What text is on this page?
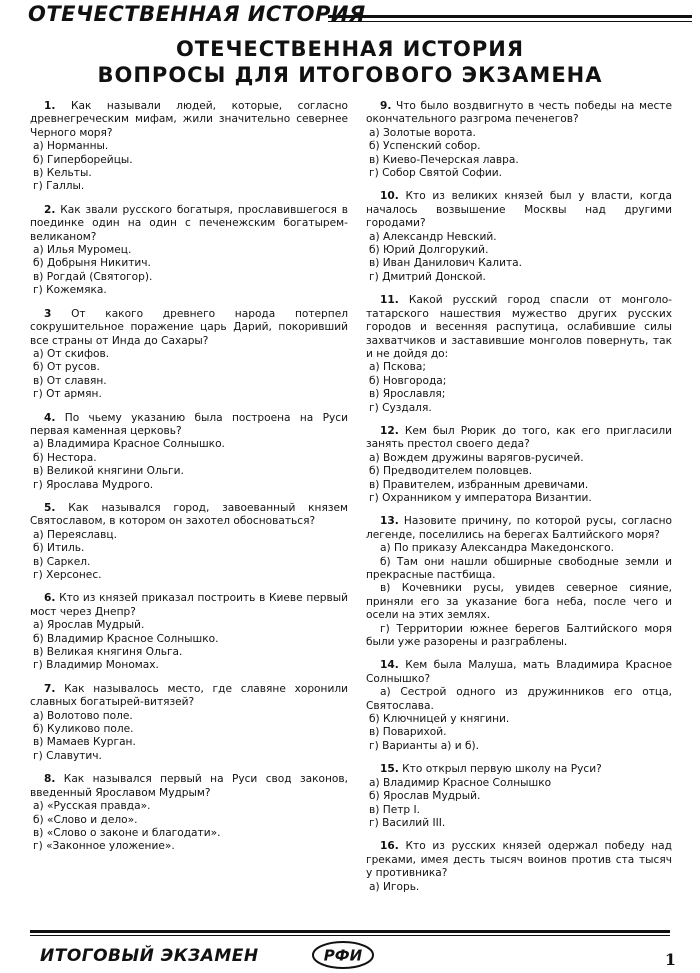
ОТЕЧЕСТВЕННАЯ ИСТОРИЯ
ОТЕЧЕСТВЕННАЯ ИСТОРИЯ
ВОПРОСЫ ДЛЯ ИТОГОВОГО ЭКЗАМЕНА
1. Как называли людей, которые, согласно древнегреческим мифам, жили значительно севернее Черного моря?
а) Норманны.
б) Гиперборейцы.
в) Кельты.
г) Галлы.
2. Как звали русского богатыря, прославившегося в поединке один на один с печенежским богатырем-великаном?
а) Илья Муромец.
б) Добрыня Никитич.
в) Рогдай (Святогор).
г) Кожемяка.
3 От какого древнего народа потерпел сокрушительное поражение царь Дарий, покоривший все страны от Инда до Сахары?
а) От скифов.
б) От русов.
в) От славян.
г) От армян.
4. По чьему указанию была построена на Руси первая каменная церковь?
а) Владимира Красное Солнышко.
б) Нестора.
в) Великой княгини Ольги.
г) Ярослава Мудрого.
5. Как назывался город, завоеванный князем Святославом, в котором он захотел обосноваться?
а) Переяславц.
б) Итиль.
в) Саркел.
г) Херсонес.
6. Кто из князей приказал построить в Киеве первый мост через Днепр?
а) Ярослав Мудрый.
б) Владимир Красное Солнышко.
в) Великая княгиня Ольга.
г) Владимир Мономах.
7. Как называлось место, где славяне хоронили славных богатырей-витязей?
а) Волотово поле.
б) Куликово поле.
в) Мамаев Курган.
г) Славутич.
8. Как назывался первый на Руси свод законов, введенный Ярославом Мудрым?
а) «Русская правда».
б) «Слово и дело».
в) «Слово о законе и благодати».
г) «Законное уложение».
9. Что было воздвигнуто в честь победы на месте окончательного разгрома печенегов?
а) Золотые ворота.
б) Успенский собор.
в) Киево-Печерская лавра.
г) Собор Святой Софии.
10. Кто из великих князей был у власти, когда началось возвышение Москвы над другими городами?
а) Александр Невский.
б) Юрий Долгорукий.
в) Иван Данилович Калита.
г) Дмитрий Донской.
11. Какой русский город спасли от монголо-татарского нашествия мужество других русских городов и весенняя распутица, ослабившие силы захватчиков и заставившие монголов повернуть, так и не дойдя до:
а) Пскова;
б) Новгорода;
в) Ярославля;
г) Суздаля.
12. Кем был Рюрик до того, как его пригласили занять престол своего деда?
а) Вождем дружины варягов-русичей.
б) Предводителем половцев.
в) Правителем, избранным древичами.
г) Охранником у императора Византии.
13. Назовите причину, по которой русы, согласно легенде, поселились на берегах Балтийского моря?
а) По приказу Александра Македонского.
б) Там они нашли обширные свободные земли и прекрасные пастбища.
в) Кочевники русы, увидев северное сияние, приняли его за указание бога неба, после чего и осели на этих землях.
г) Территории южнее берегов Балтийского моря были уже разорены и разграблены.
14. Кем была Малуша, мать Владимира Красное Солнышко?
а) Сестрой одного из дружинников его отца, Святослава.
б) Ключницей у княгини.
в) Поварихой.
г) Варианты а) и б).
15. Кто открыл первую школу на Руси?
а) Владимир Красное Солнышко
б) Ярослав Мудрый.
в) Петр I.
г) Василий III.
16. Кто из русских князей одержал победу над греками, имея десть тысяч воинов против ста тысяч у противника?
а) Игорь.
ИТОГОВЫЙ ЭКЗАМЕН	РФИ	1
